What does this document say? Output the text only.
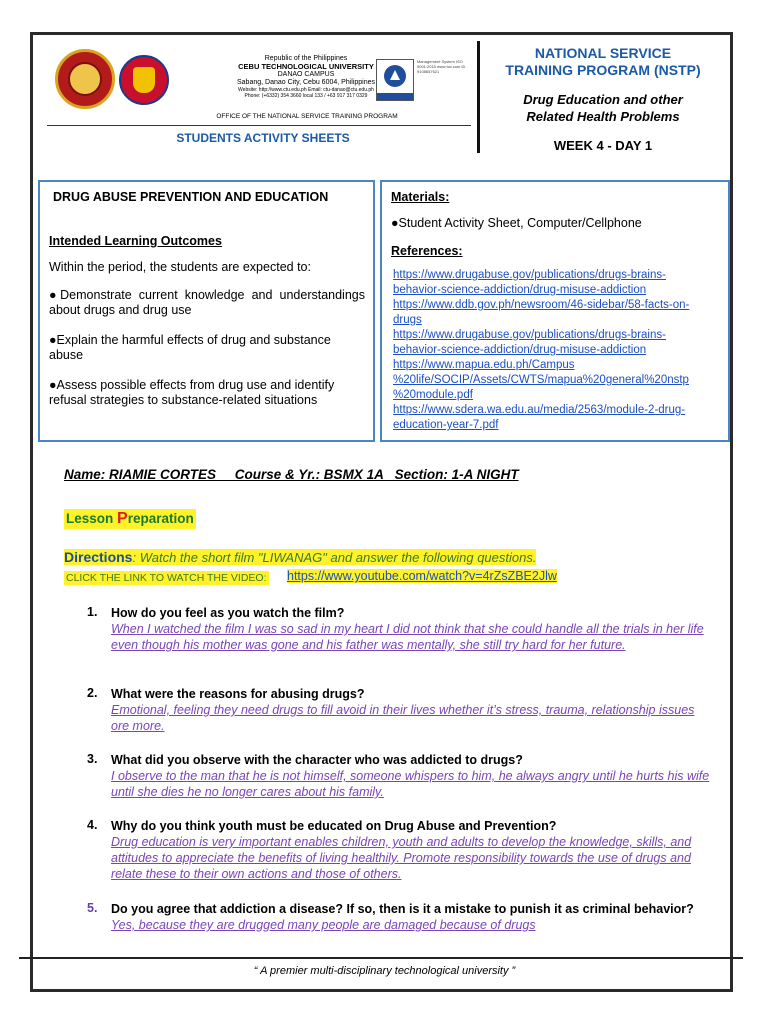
Republic of the Philippines
CEBU TECHNOLOGICAL UNIVERSITY
DANAO CAMPUS
Sabang, Danao City, Cebu 6004, Philippines
Website: http://www.ctu.edu.ph Email: ctu-danao@ctu.edu.ph
Phone: (+6332) 354 3660 local 133 / +63 917 317 0329
Management System ISO 9001:2015 www.tuv.com ID 9108657621
OFFICE OF THE NATIONAL SERVICE TRAINING PROGRAM
STUDENTS ACTIVITY SHEETS
NATIONAL SERVICE
TRAINING PROGRAM (NSTP)
Drug Education and other
Related Health Problems
WEEK 4 - DAY 1
DRUG ABUSE PREVENTION AND EDUCATION
Intended Learning Outcomes
Within the period, the students are expected to:
●Demonstrate current knowledge and understandings about drugs and drug use
●Explain the harmful effects of drug and substance abuse
●Assess possible effects from drug use and identify refusal strategies to substance-related situations
Materials:
●Student Activity Sheet, Computer/Cellphone
References:
https://www.drugabuse.gov/publications/drugs-brains-
behavior-science-addiction/drug-misuse-addiction
https://www.ddb.gov.ph/newsroom/46-sidebar/58-facts-on-
drugs
https://www.drugabuse.gov/publications/drugs-brains-
behavior-science-addiction/drug-misuse-addiction
https://www.mapua.edu.ph/Campus
%20life/SOCIP/Assets/CWTS/mapua%20general%20nstp
%20module.pdf
https://www.sdera.wa.edu.au/media/2563/module-2-drug-
education-year-7.pdf
Name: RIAMIE CORTES     Course & Yr.: BSMX 1A   Section: 1-A NIGHT
Lesson Preparation
Directions: Watch the short film "LIWANAG" and answer the following questions.
CLICK THE LINK TO WATCH THE VIDEO: https://www.youtube.com/watch?v=4rZsZBE2Jlw
1. How do you feel as you watch the film?
When I watched the film I was so sad in my heart I did not think that she could handle all the trials in her life even though his mother was gone and his father was mentally, she still try hard for her future.
2. What were the reasons for abusing drugs?
Emotional, feeling they need drugs to fill avoid in their lives whether it’s stress, trauma, relationship issues ore more.
3. What did you observe with the character who was addicted to drugs?
I observe to the man that he is not himself, someone whispers to him, he always angry until he hurts his wife until she dies he no longer cares about his family.
4. Why do you think youth must be educated on Drug Abuse and Prevention?
Drug education is very important enables children, youth and adults to develop the knowledge, skills, and attitudes to appreciate the benefits of living healthily. Promote responsibility towards the use of drugs and relate these to their own actions and those of others.
5. Do you agree that addiction a disease? If so, then is it a mistake to punish it as criminal behavior? Yes, because they are drugged many people are damaged because of drugs
“ A premier multi-disciplinary technological university ”
